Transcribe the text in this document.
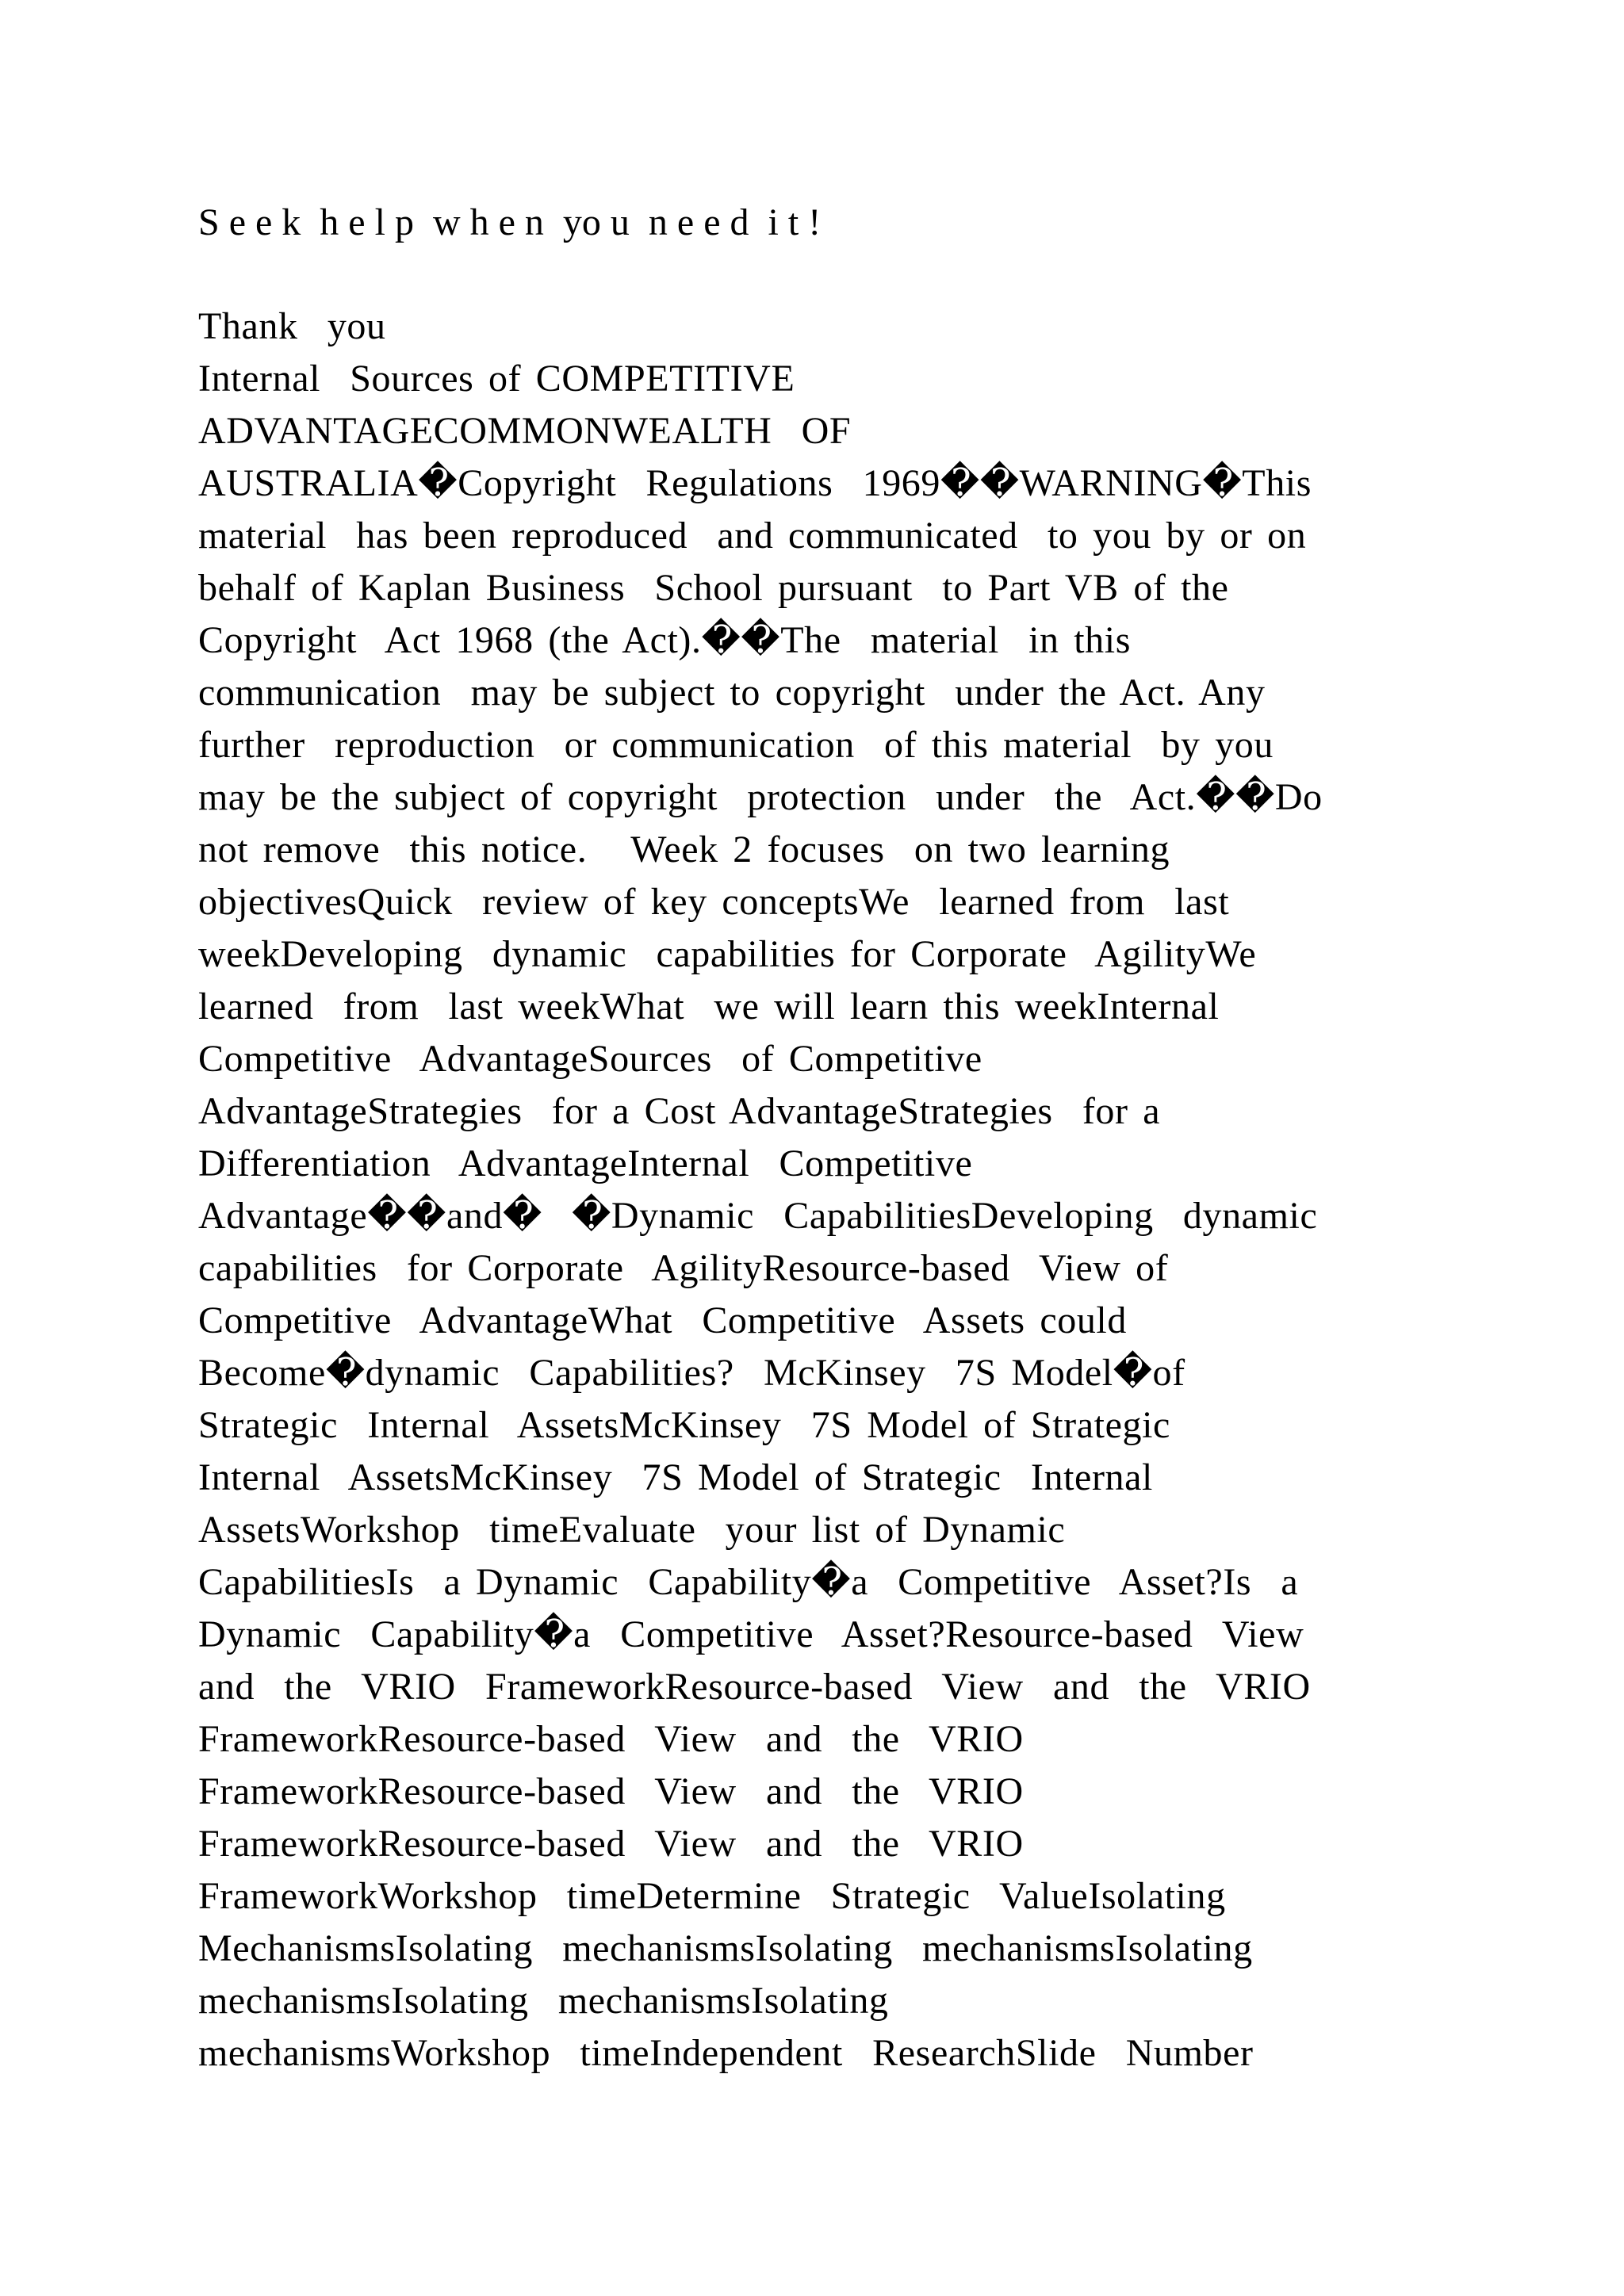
S e e k  h e l p  w h e n  yo u  n e e d  i t !
Thank  you
Internal  Sources of COMPETITIVE
ADVANTAGECOMMONWEALTH  OF
AUSTRALIA�Copyright  Regulations  1969��WARNING�This
material  has been reproduced  and communicated  to you by or on
behalf of Kaplan Business  School pursuant  to Part VB of the
Copyright  Act 1968 (the Act).��The  material  in this
communication  may be subject to copyright  under the Act. Any
further  reproduction  or communication  of this material  by you
may be the subject of copyright  protection  under  the  Act.��Do
not remove  this notice.   Week 2 focuses  on two learning
objectivesQuick  review of key conceptsWe  learned from  last
weekDeveloping  dynamic  capabilities for Corporate  AgilityWe
learned  from  last weekWhat  we will learn this weekInternal
Competitive  AdvantageSources  of Competitive
AdvantageStrategies  for a Cost AdvantageStrategies  for a
Differentiation  AdvantageInternal  Competitive
Advantage��and�  �Dynamic  CapabilitiesDeveloping  dynamic
capabilities  for Corporate  AgilityResource-based  View of
Competitive  AdvantageWhat  Competitive  Assets could
Become�dynamic  Capabilities?  McKinsey  7S Model�of
Strategic  Internal  AssetsMcKinsey  7S Model of Strategic
Internal  AssetsMcKinsey  7S Model of Strategic  Internal
AssetsWorkshop  timeEvaluate  your list of Dynamic
CapabilitiesIs  a Dynamic  Capability�a  Competitive  Asset?Is  a
Dynamic  Capability�a  Competitive  Asset?Resource-based  View
and  the  VRIO  FrameworkResource-based  View  and  the  VRIO
FrameworkResource-based  View  and  the  VRIO
FrameworkResource-based  View  and  the  VRIO
FrameworkResource-based  View  and  the  VRIO
FrameworkWorkshop  timeDetermine  Strategic  ValueIsolating
MechanismsIsolating  mechanismsIsolating  mechanismsIsolating
mechanismsIsolating  mechanismsIsolating
mechanismsWorkshop  timeIndependent  ResearchSlide  Number
